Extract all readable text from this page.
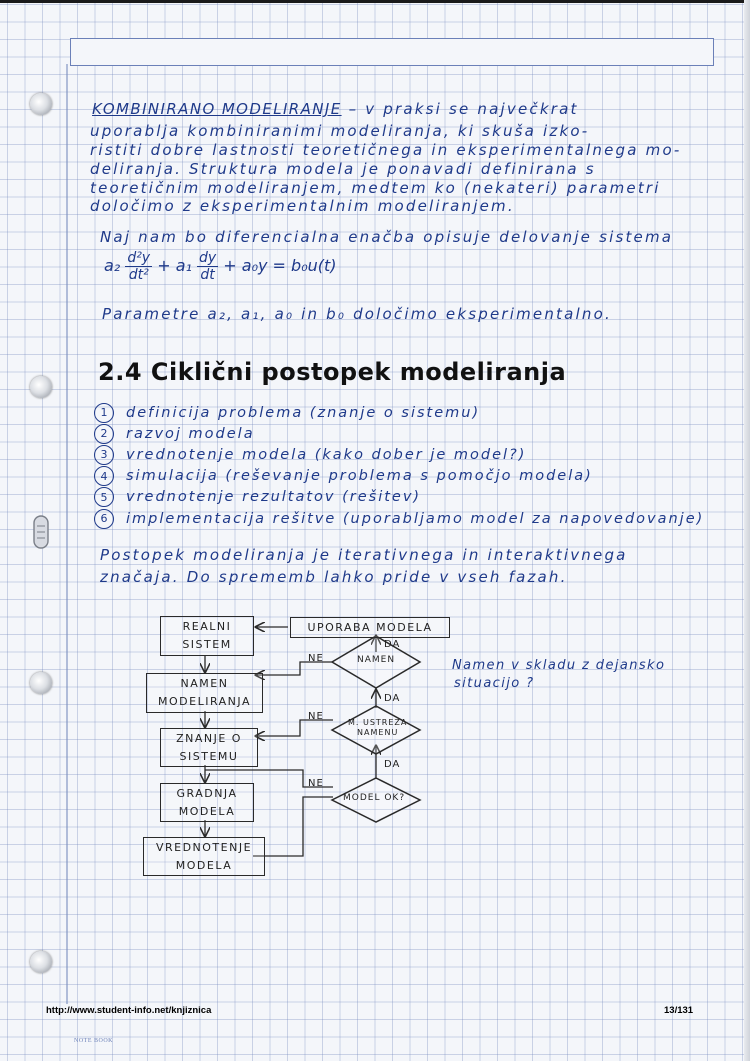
KOMBINIRANO MODELIRANJE – v praksi se največkrat
uporablja kombiniranimi modeliranja, ki skuša izko-
ristiti dobre lastnosti teoretičnega in eksperimentalnega mo-
deliranja. Struktura modela je ponavadi definirana s
teoretičnim modeliranjem, medtem ko (nekateri) parametri
določimo z eksperimentalnim modeliranjem.
Naj nam bo diferencialna enačba opisuje delovanje sistema
$a_2 \frac{\text{d²y}}{\text{dt²}} + a_1 \frac{dy}{dt} + a_0y = b_0u(t)$
Parametre a₂, a₁, a₀ in b₀ določimo eksperimentalno.
2.4 Ciklični postopek modeliranja
1	definicija problema (znanje o sistemu)
2	razvoj modela
3	vrednotenje modela (kako dober je model?)
4	simulacija (reševanje problema s pomočjo modela)
5	vrednotenje rezultatov (rešitev)
6	implementacija rešitve (uporabljamo model za napovedovanje)
Postopek modeliranja je iterativnega in interaktivnega
značaja. Do sprememb lahko pride v vseh fazah.
REALNI
SISTEM
UPORABA MODELA
NAMEN
MODELIRANJA
ZNANJE O
SISTEMU
GRADNJA
MODELA
VREDNOTENJE
MODELA
NAMEN
M. USTREZA
NAMENU
MODEL OK?
NE
NE
NE
DA
DA
DA
Namen v skladu z dejansko
situacijo ?
http://www.student-info.net/knjiznica	13/131
NOTE BOOK
